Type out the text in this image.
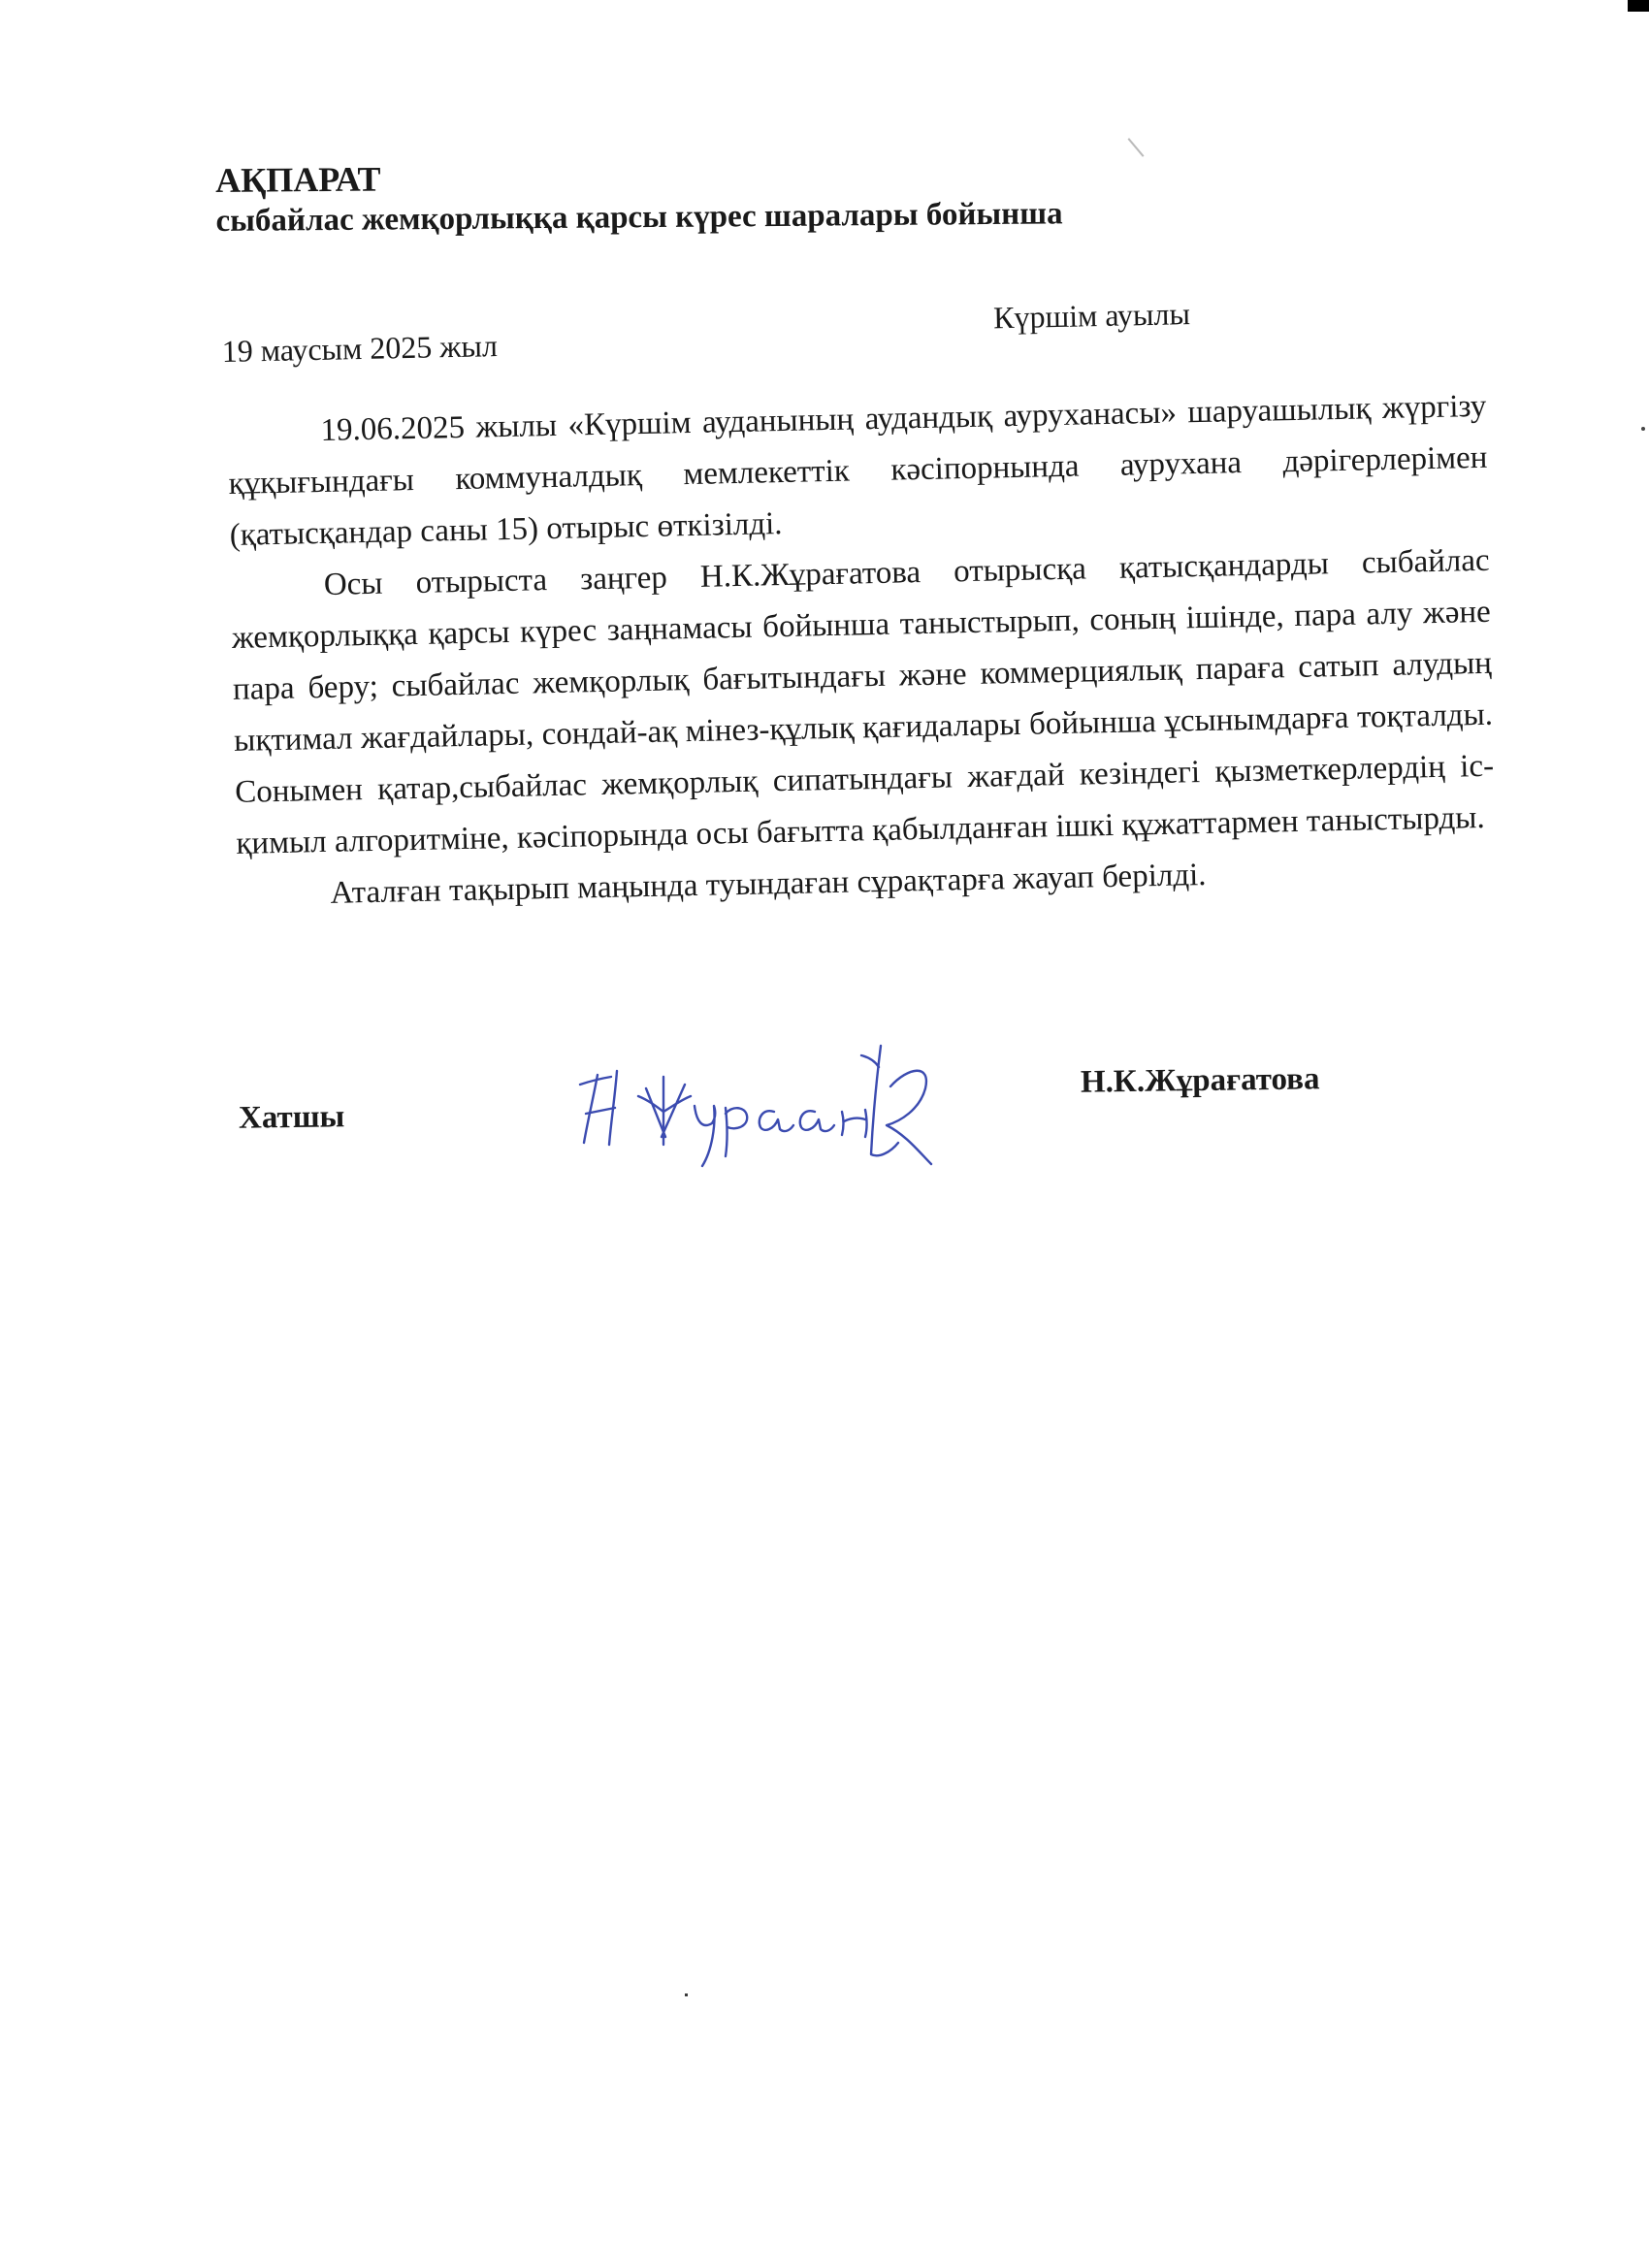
АҚПАРАТ

сыбайлас жемқорлыққа қарсы күрес шаралары бойынша

19 маусым 2025 жыл
Күршім ауылы

19.06.2025 жылы «Күршім ауданының аудандық ауруханасы» шаруашылық жүргізу құқығындағы коммуналдық мемлекеттік кәсіпорнында аурухана дәрігерлерімен (қатысқандар саны 15) отырыс өткізілді.

Осы отырыста заңгер Н.К.Жұрағатова отырысқа қатысқандарды сыбайлас жемқорлыққа қарсы күрес заңнамасы бойынша таныстырып, соның ішінде, пара алу және пара беру; сыбайлас жемқорлық бағытындағы және коммерциялық параға сатып алудың ықтимал жағдайлары, сондай-ақ мінез-құлық қағидалары бойынша ұсынымдарға тоқталды. Сонымен қатар,сыбайлас жемқорлық сипатындағы жағдай кезіндегі қызметкерлердің іс-қимыл алгоритміне, кәсіпорында осы бағытта қабылданған ішкі құжаттармен таныстырды.

Аталған тақырып маңында туындаған сұрақтарға жауап берілді.

Хатшы
Н.К.Жұрағатова
